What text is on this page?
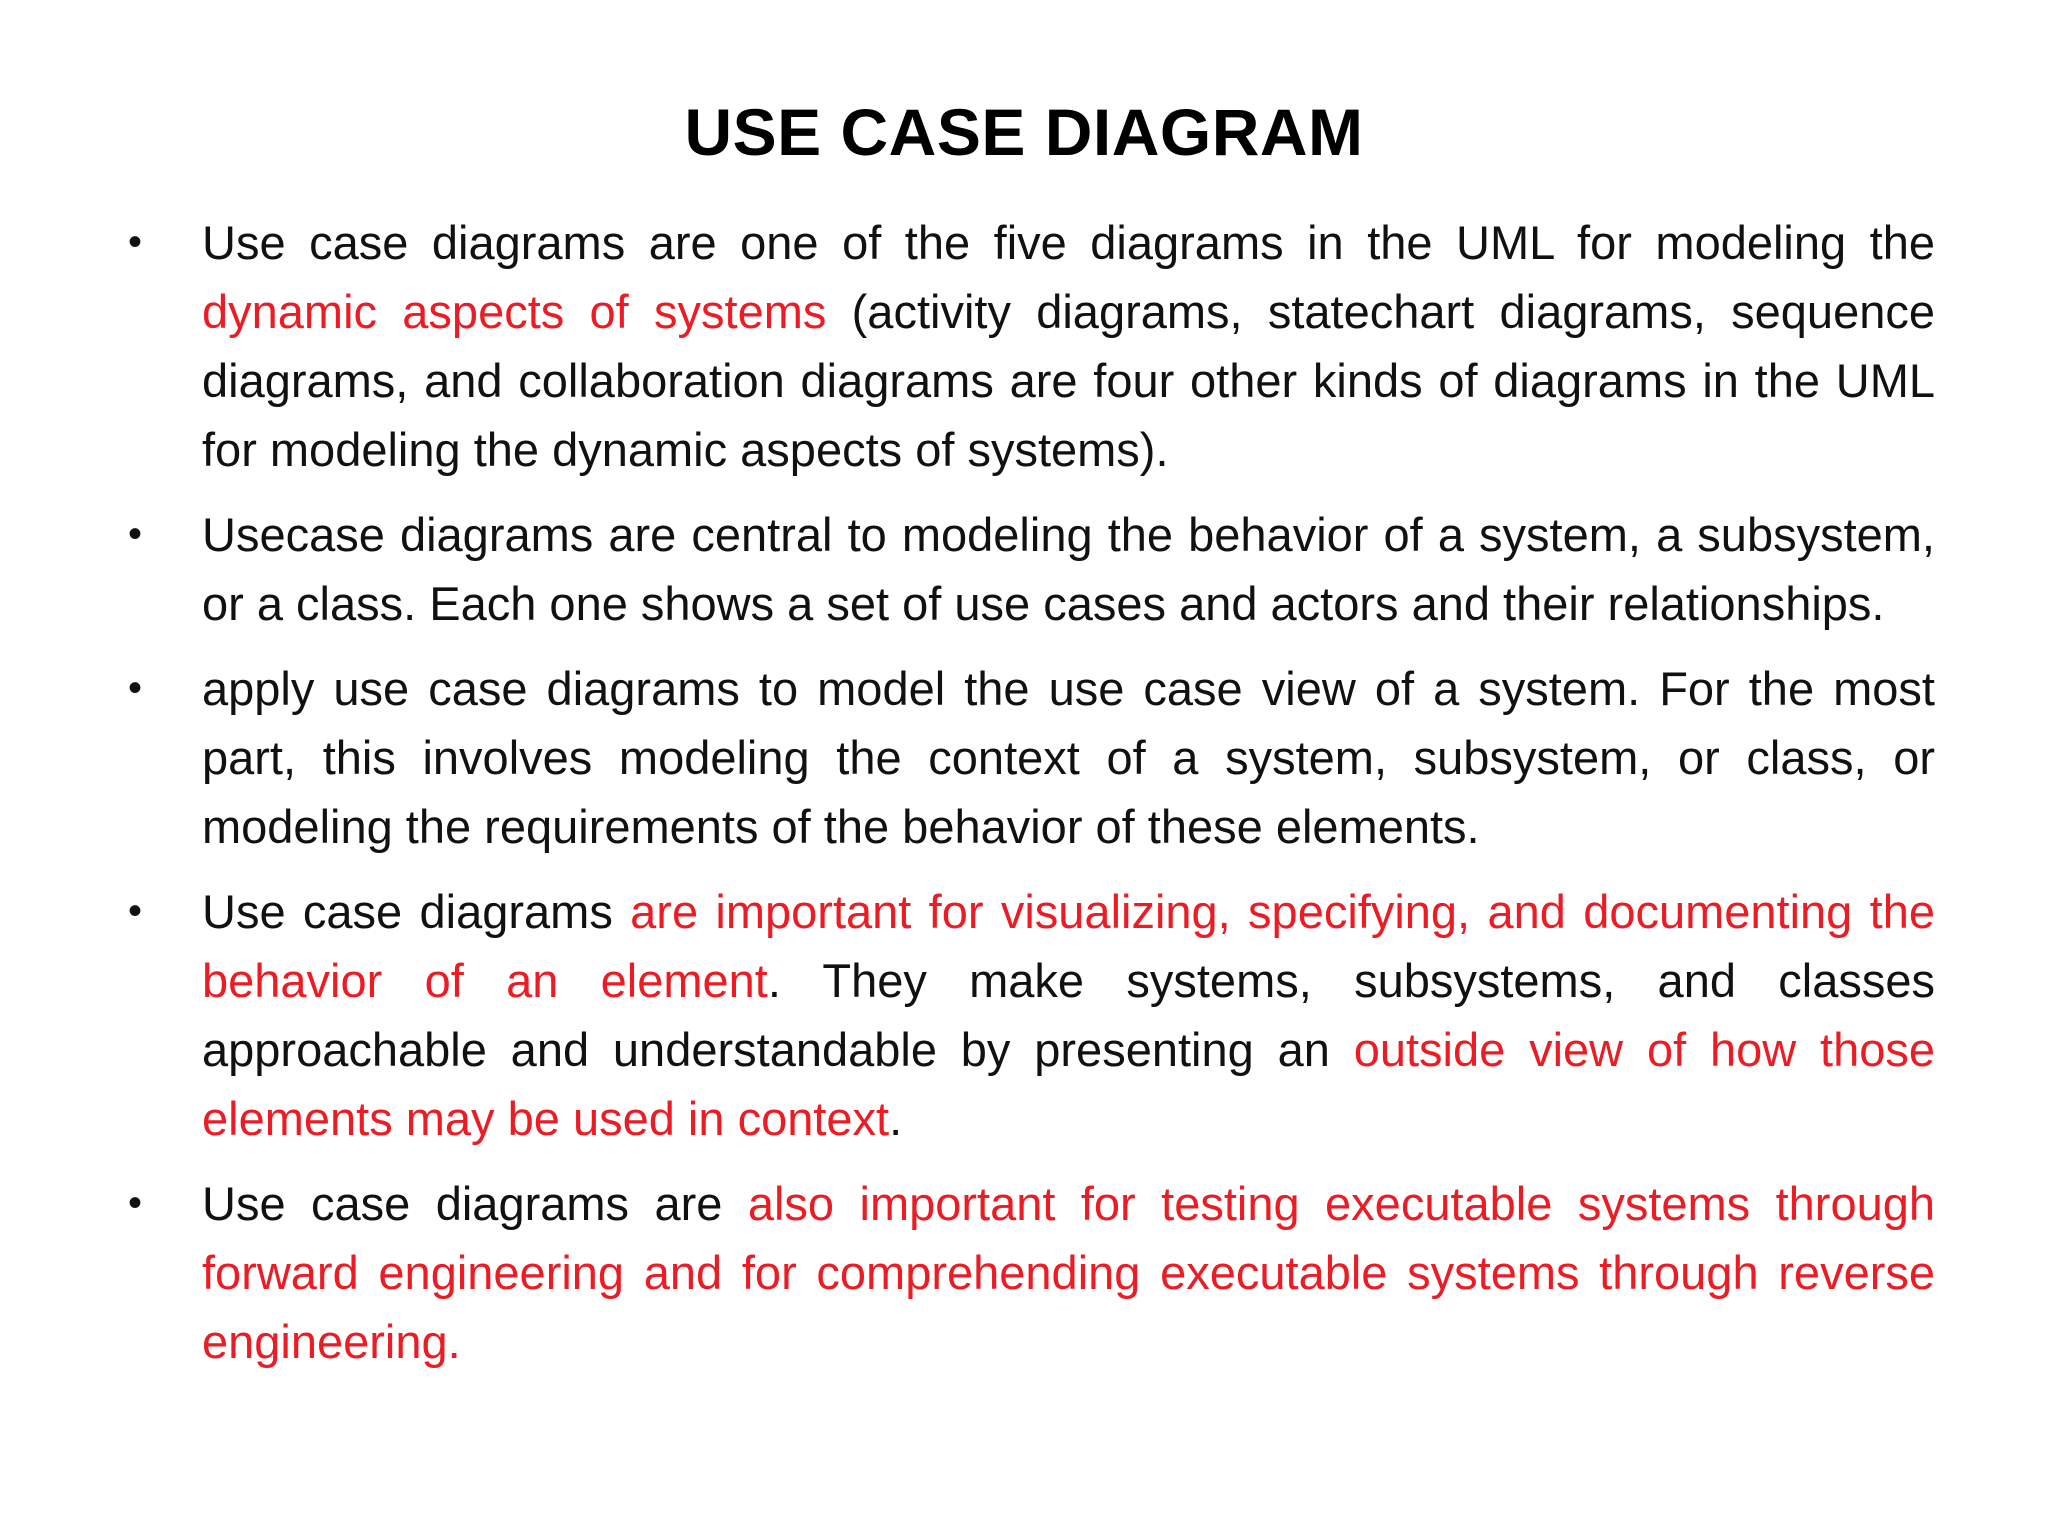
USE CASE DIAGRAM
• Use case diagrams are one of the five diagrams in the UML for modeling the dynamic aspects of systems (activity diagrams, statechart diagrams, sequence diagrams, and collaboration diagrams are four other kinds of diagrams in the UML for modeling the dynamic aspects of systems).
• Usecase diagrams are central to modeling the behavior of a system, a subsystem, or a class. Each one shows a set of use cases and actors and their relationships.
• apply use case diagrams to model the use case view of a system. For the most part, this involves modeling the context of a system, subsystem, or class, or modeling the requirements of the behavior of these elements.
• Use case diagrams are important for visualizing, specifying, and documenting the behavior of an element. They make systems, subsystems, and classes approachable and understandable by presenting an outside view of how those elements may be used in context.
• Use case diagrams are also important for testing executable systems through forward engineering and for comprehending executable systems through reverse engineering.
